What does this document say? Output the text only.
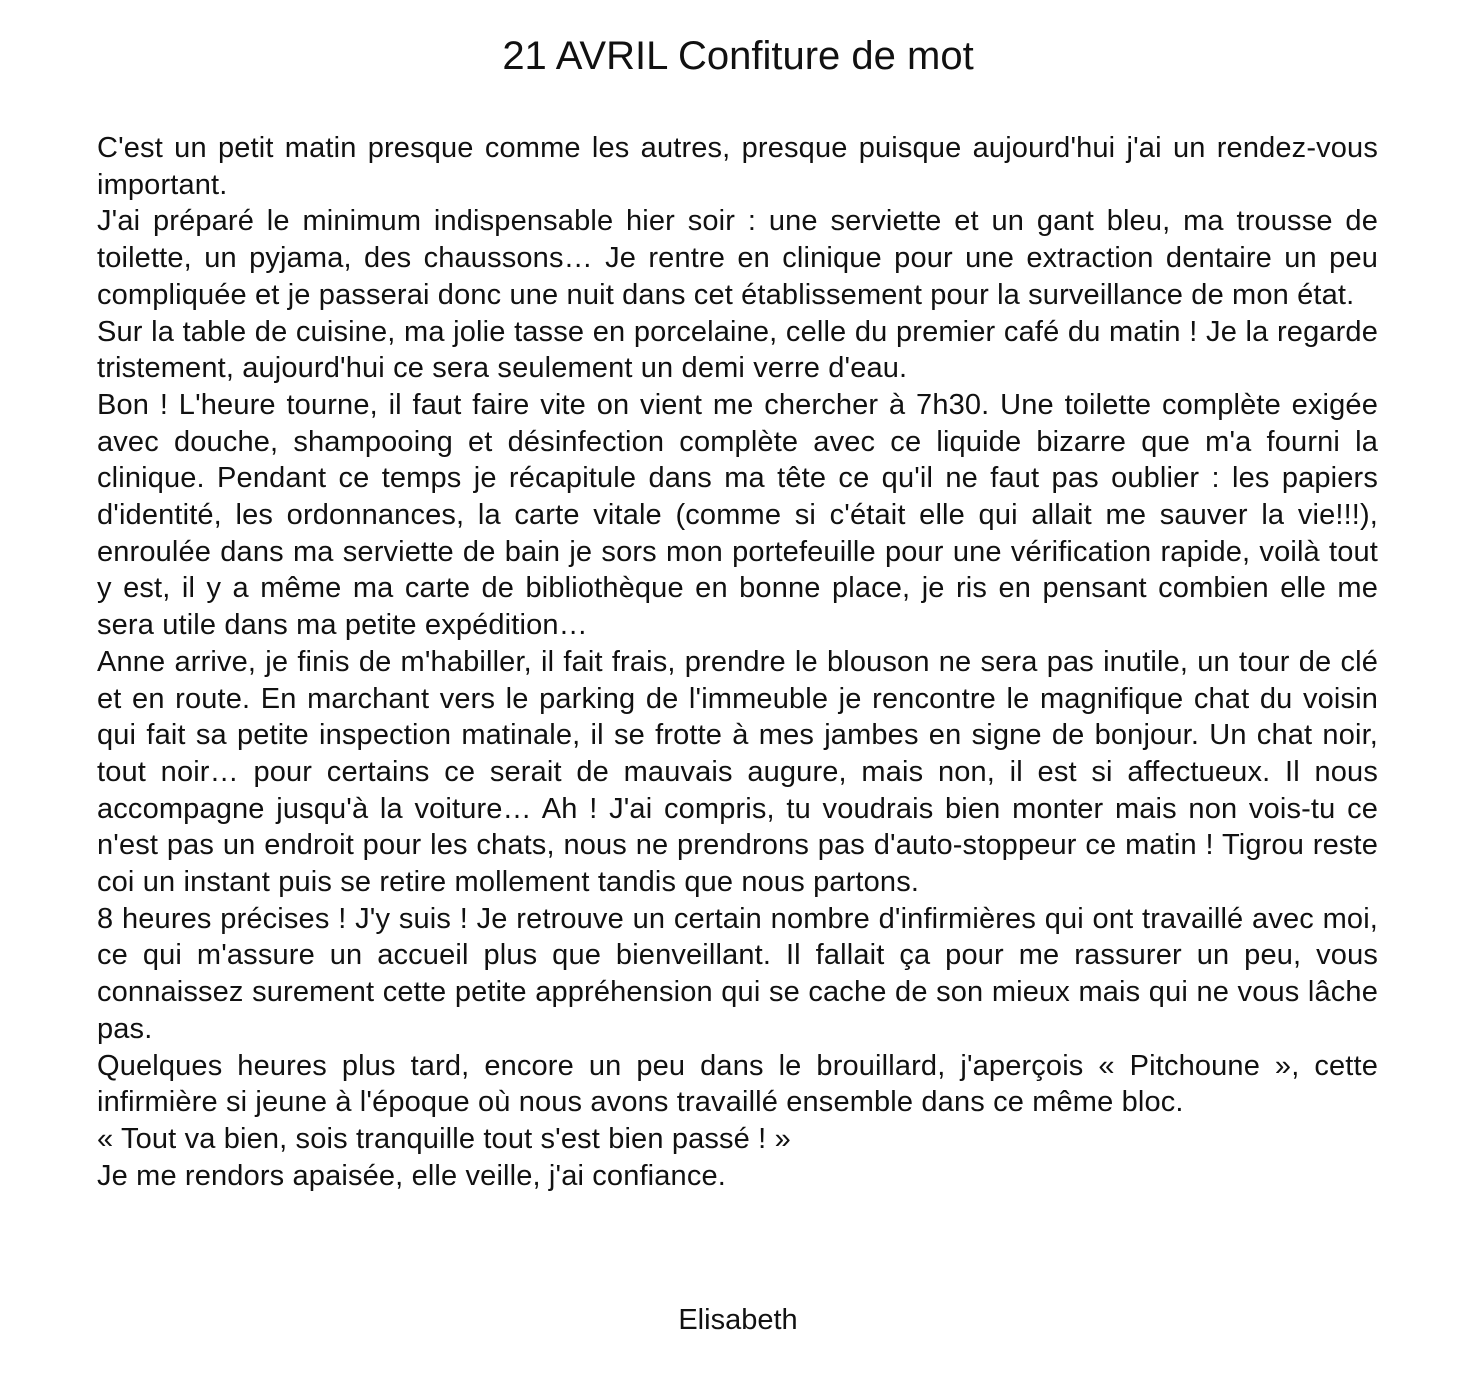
21 AVRIL Confiture de mot

C'est un petit matin presque comme les autres, presque puisque aujourd'hui j'ai un rendez-vous important.

J'ai préparé le minimum indispensable hier soir : une serviette et un gant bleu, ma trousse de toilette, un pyjama, des chaussons… Je rentre en clinique pour une extraction dentaire un peu compliquée et je passerai donc une nuit dans cet établissement pour la surveillance de mon état.

Sur la table de cuisine, ma jolie tasse en porcelaine, celle du premier café du matin ! Je la regarde tristement, aujourd'hui ce sera seulement un demi verre d'eau.

Bon ! L'heure tourne, il faut faire vite on vient me chercher à 7h30. Une toilette complète exigée avec douche, shampooing et désinfection complète avec ce liquide bizarre que m'a fourni la clinique. Pendant ce temps je récapitule dans ma tête ce qu'il ne faut pas oublier : les papiers d'identité, les ordonnances, la carte vitale (comme si c'était elle qui allait me sauver la vie!!!), enroulée dans ma serviette de bain je sors mon portefeuille pour une vérification rapide, voilà tout y est, il y a même ma carte de bibliothèque en bonne place, je ris en pensant combien elle me sera utile dans ma petite expédition…

Anne arrive, je finis de m'habiller, il fait frais, prendre le blouson ne sera pas inutile, un tour de clé et en route. En marchant vers le parking de l'immeuble je rencontre le magnifique chat du voisin qui fait sa petite inspection matinale, il se frotte à mes jambes en signe de bonjour. Un chat noir, tout noir… pour certains ce serait de mauvais augure, mais non, il est si affectueux. Il nous accompagne jusqu'à la voiture… Ah ! J'ai compris, tu voudrais bien monter mais non vois-tu ce n'est pas un endroit pour les chats, nous ne prendrons pas d'auto-stoppeur ce matin ! Tigrou reste coi un instant puis se retire mollement tandis que nous partons.

8 heures précises ! J'y suis ! Je retrouve un certain nombre d'infirmières qui ont travaillé avec moi, ce qui m'assure un accueil plus que bienveillant. Il fallait ça pour me rassurer un peu, vous connaissez surement cette petite appréhension qui se cache de son mieux mais qui ne vous lâche pas.

Quelques heures plus tard, encore un peu dans le brouillard, j'aperçois « Pitchoune », cette infirmière si jeune à l'époque où nous avons travaillé ensemble dans ce même bloc.

« Tout va bien, sois tranquille tout s'est bien passé ! »

Je me rendors apaisée, elle veille, j'ai confiance.

Elisabeth
